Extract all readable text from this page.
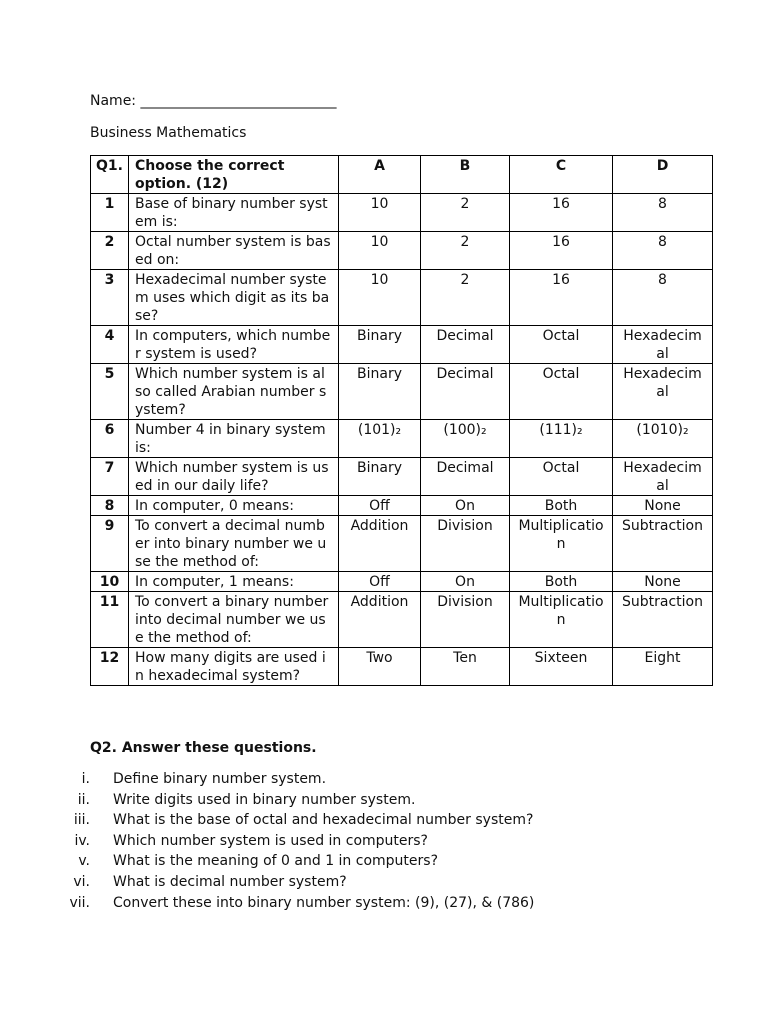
Name: ____________________________
Business Mathematics
Q1.	Choose the correct option. (12)	A	B	C	D
1	Base of binary number system is:	10	2	16	8
2	Octal number system is based on:	10	2	16	8
3	Hexadecimal number system uses which digit as its base?	10	2	16	8
4	In computers, which number system is used?	Binary	Decimal	Octal	Hexadecimal
5	Which number system is also called Arabian number system?	Binary	Decimal	Octal	Hexadecimal
6	Number 4 in binary system is:	(101)₂	(100)₂	(111)₂	(1010)₂
7	Which number system is used in our daily life?	Binary	Decimal	Octal	Hexadecimal
8	In computer, 0 means:	Off	On	Both	None
9	To convert a decimal number into binary number we use the method of:	Addition	Division	Multiplication	Subtraction
10	In computer, 1 means:	Off	On	Both	None
11	To convert a binary number into decimal number we use the method of:	Addition	Division	Multiplication	Subtraction
12	How many digits are used in hexadecimal system?	Two	Ten	Sixteen	Eight
Q2. Answer these questions.
i. Define binary number system.
ii. Write digits used in binary number system.
iii. What is the base of octal and hexadecimal number system?
iv. Which number system is used in computers?
v. What is the meaning of 0 and 1 in computers?
vi. What is decimal number system?
vii. Convert these into binary number system: (9), (27), & (786)
